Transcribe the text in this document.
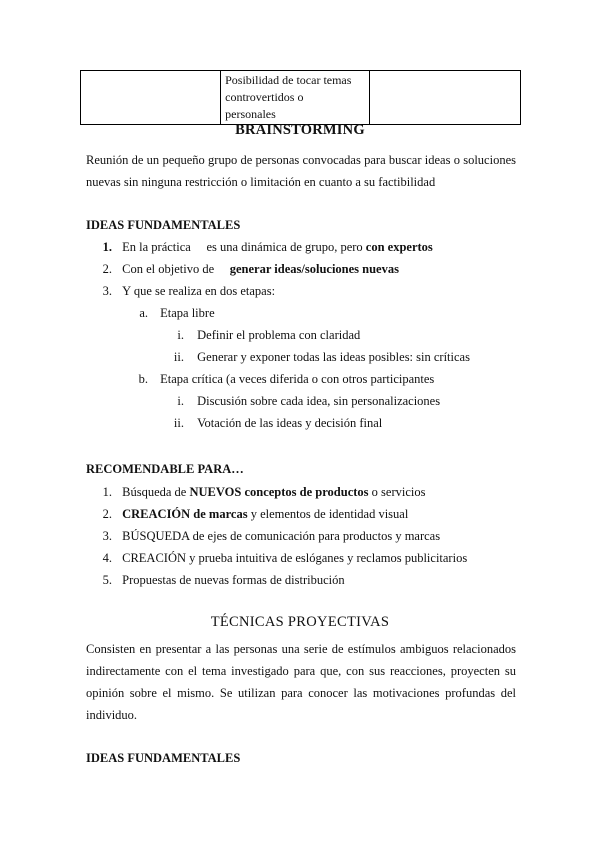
Posibilidad de tocar temas
controvertidos o
personales

BRAINSTORMING
Reunión de un pequeño grupo de personas convocadas para buscar ideas o soluciones nuevas sin ninguna restricción o limitación en cuanto a su factibilidad
IDEAS FUNDAMENTALES
1. En la práctica     es una dinámica de grupo, pero con expertos
2. Con el objetivo de     generar ideas/soluciones nuevas
3. Y que se realiza en dos etapas:
a. Etapa libre
i. Definir el problema con claridad
ii. Generar y exponer todas las ideas posibles: sin críticas
b. Etapa crítica (a veces diferida o con otros participantes
i. Discusión sobre cada idea, sin personalizaciones
ii. Votación de las ideas y decisión final
RECOMENDABLE PARA…
1. Búsqueda de NUEVOS conceptos de productos o servicios
2. CREACIÓN de marcas y elementos de identidad visual
3. BÚSQUEDA de ejes de comunicación para productos y marcas
4. CREACIÓN y prueba intuitiva de eslóganes y reclamos publicitarios
5. Propuestas de nuevas formas de distribución
TÉCNICAS PROYECTIVAS
Consisten en presentar a las personas una serie de estímulos ambiguos relacionados indirectamente con el tema investigado para que, con sus reacciones, proyecten su opinión sobre el mismo. Se utilizan para conocer las motivaciones profundas del individuo.
IDEAS FUNDAMENTALES
